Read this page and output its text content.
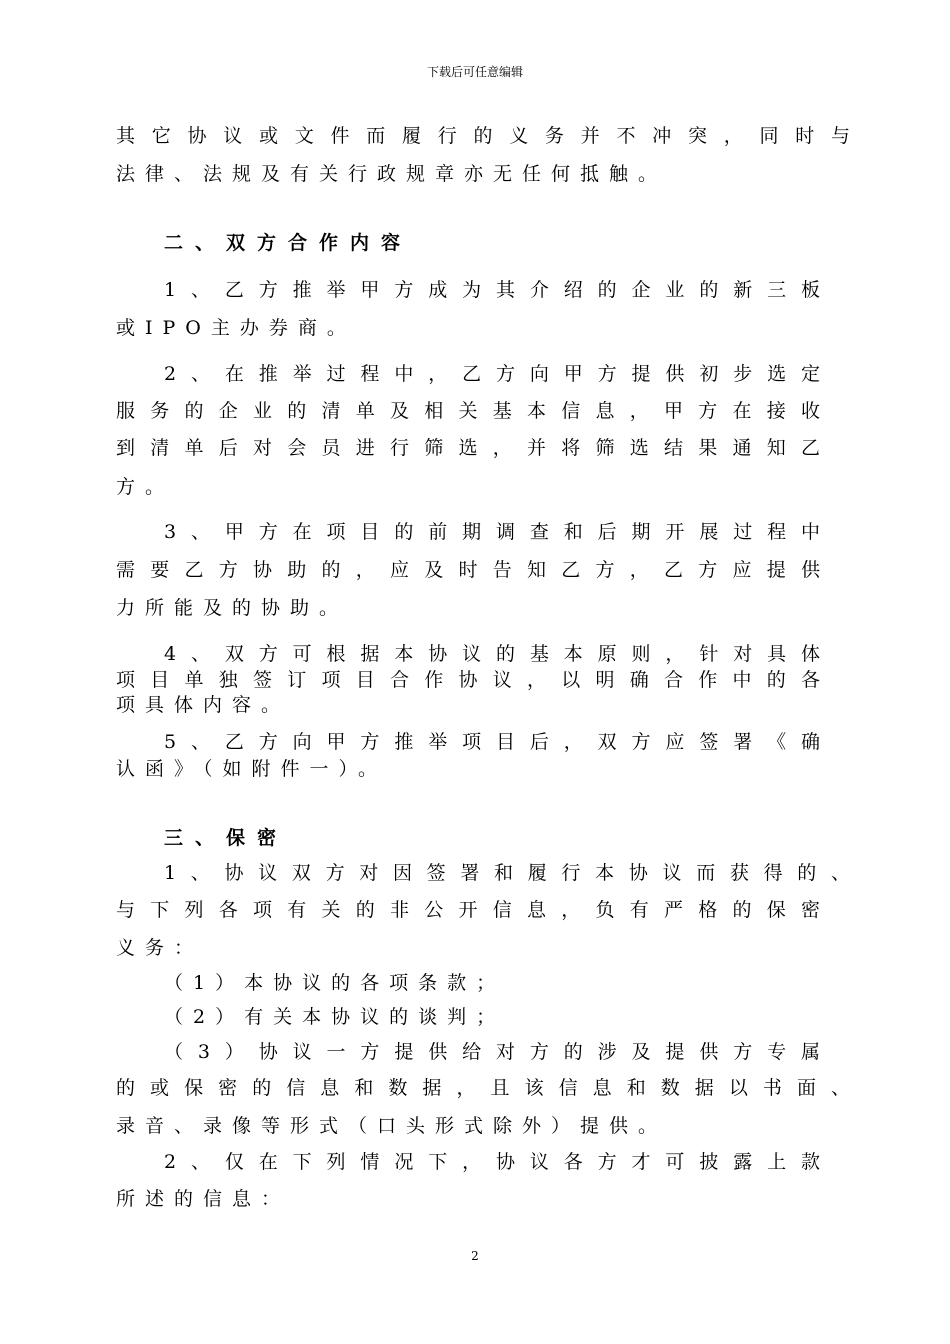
下载后可任意编辑
其它协议或文件而履行的义务并不冲突，同时与
法律、法规及有关行政规章亦无任何抵触。
二、双方合作内容
1、乙方推举甲方成为其介绍的企业的新三板
或IPO主办券商。
2、在推举过程中，乙方向甲方提供初步选定
服务的企业的清单及相关基本信息，甲方在接收
到清单后对会员进行筛选，并将筛选结果通知乙
方。
3、甲方在项目的前期调查和后期开展过程中
需要乙方协助的，应及时告知乙方，乙方应提供
力所能及的协助。
4、双方可根据本协议的基本原则，针对具体
项目单独签订项目合作协议，以明确合作中的各
项具体内容。
5、乙方向甲方推举项目后，双方应签署《确
认函》（如附件一）。
三、保密
1、协议双方对因签署和履行本协议而获得的、
与下列各项有关的非公开信息，负有严格的保密
义务：
（1）本协议的各项条款；
（2）有关本协议的谈判；
（3）协议一方提供给对方的涉及提供方专属
的或保密的信息和数据，且该信息和数据以书面、
录音、录像等形式（口头形式除外）提供。
2、仅在下列情况下，协议各方才可披露上款
所述的信息：
2
